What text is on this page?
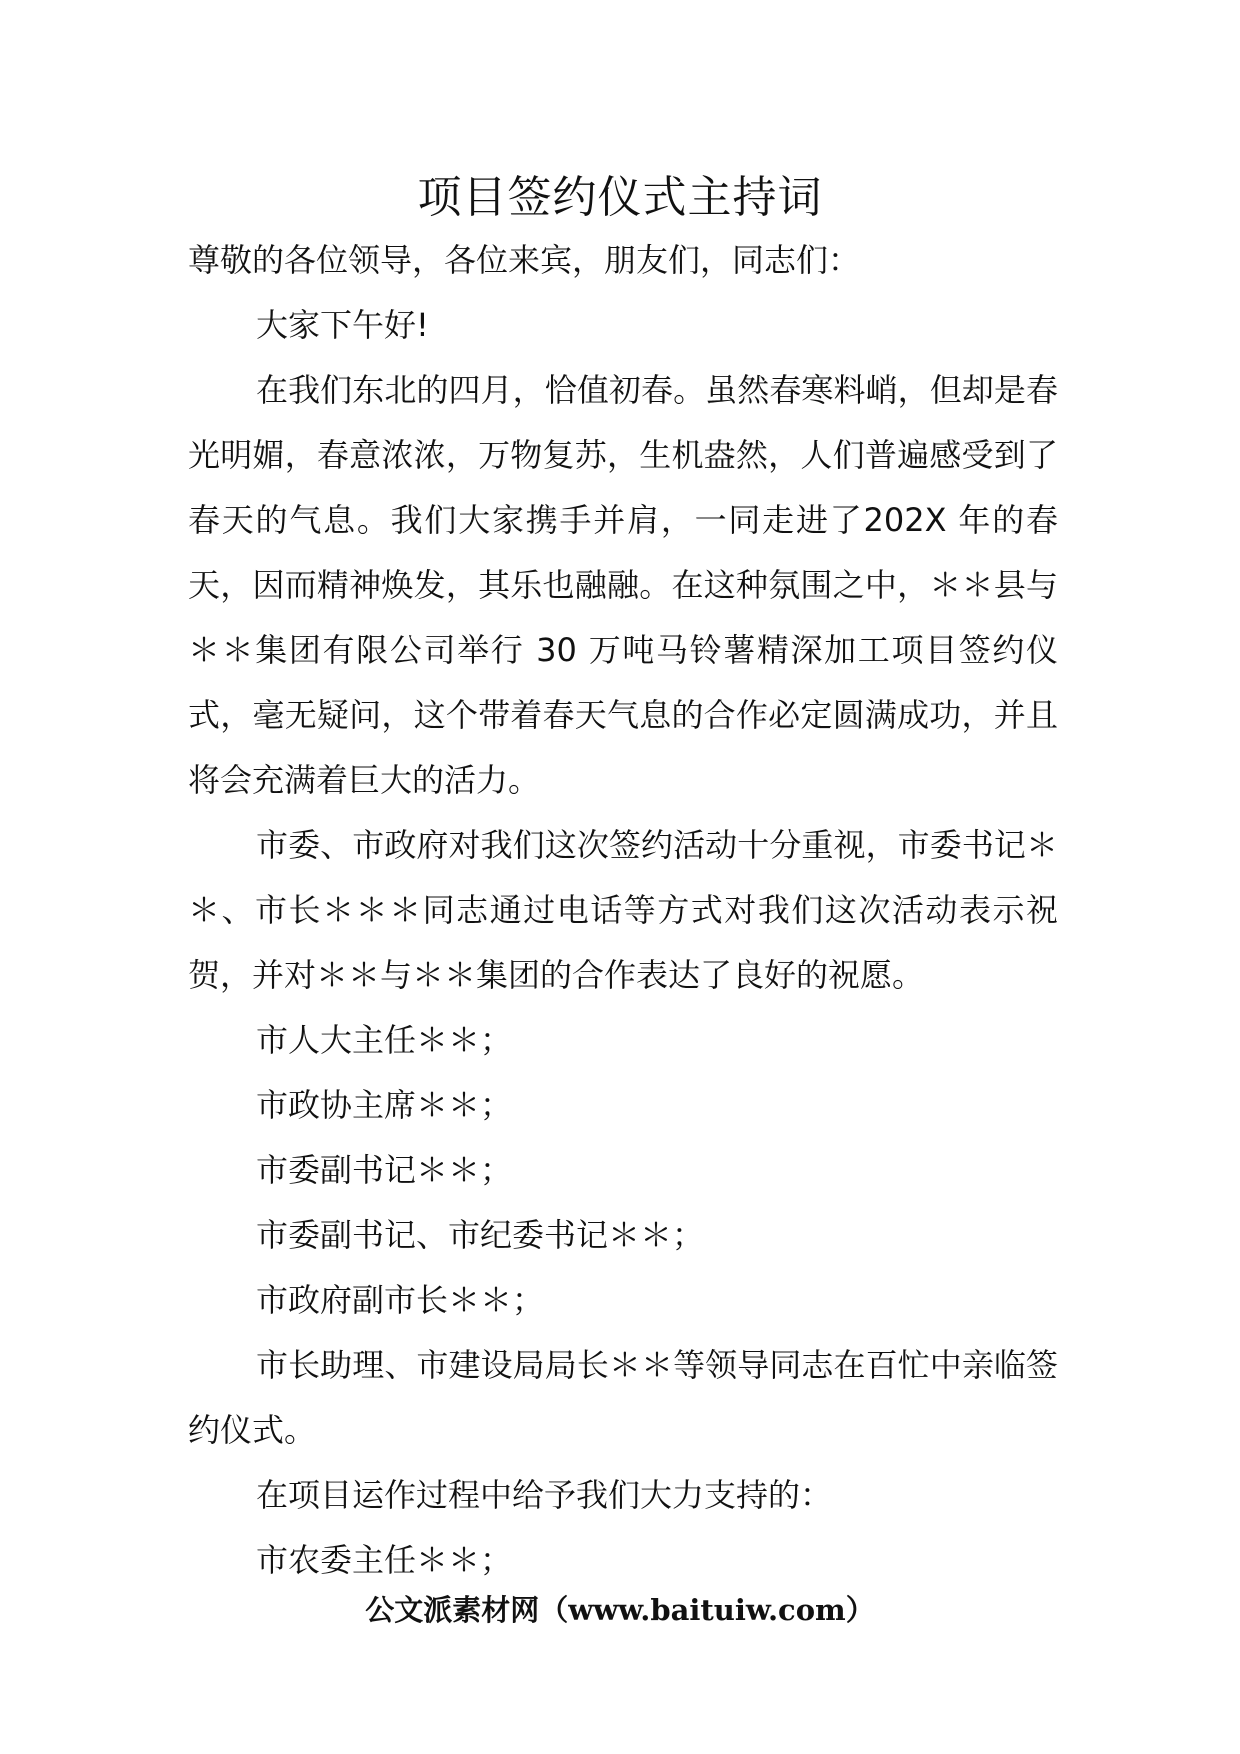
项目签约仪式主持词

尊敬的各位领导，各位来宾，朋友们，同志们：

大家下午好!

在我们东北的四月，恰值初春。虽然春寒料峭，但却是春光明媚，春意浓浓，万物复苏，生机盎然，人们普遍感受到了春天的气息。我们大家携手并肩，一同走进了202X 年的春天，因而精神焕发，其乐也融融。在这种氛围之中，＊＊县与＊＊集团有限公司举行 30 万吨马铃薯精深加工项目签约仪式，毫无疑问，这个带着春天气息的合作必定圆满成功，并且将会充满着巨大的活力。

市委、市政府对我们这次签约活动十分重视，市委书记＊＊、市长＊＊＊同志通过电话等方式对我们这次活动表示祝贺，并对＊＊与＊＊集团的合作表达了良好的祝愿。

市人大主任＊＊；

市政协主席＊＊；

市委副书记＊＊；

市委副书记、市纪委书记＊＊；

市政府副市长＊＊；

市长助理、市建设局局长＊＊等领导同志在百忙中亲临签约仪式。

在项目运作过程中给予我们大力支持的：

市农委主任＊＊；

公文派素材网（www.baituiw.com）
